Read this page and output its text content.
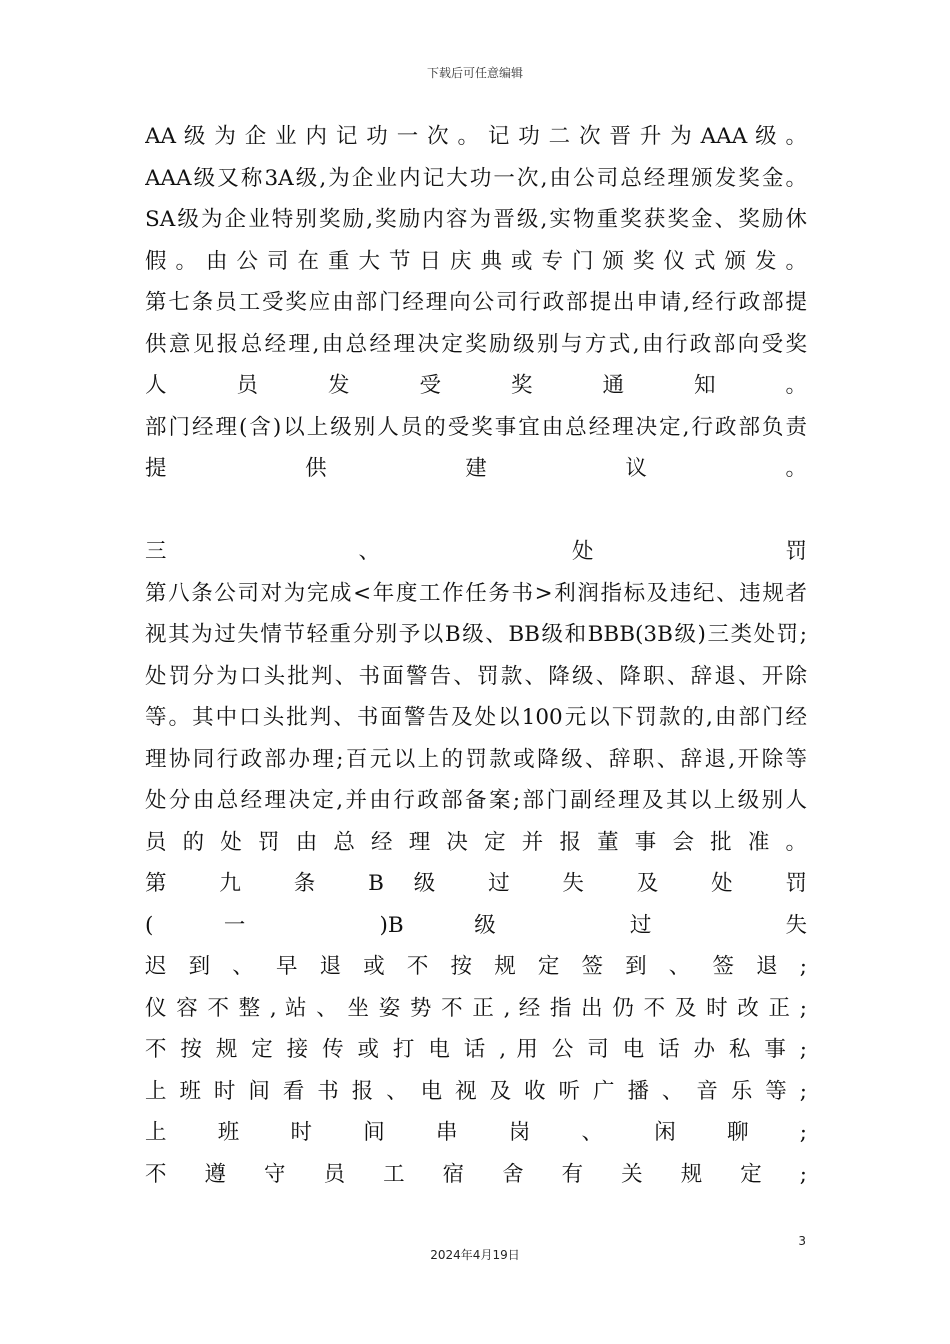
下载后可任意编辑
AA 级 为 企 业 内 记 功 一 次 。 记 功 二 次 晋 升 为 AAA 级 。
AAA级又称3A级,为企业内记大功一次,由公司总经理颁发奖金。
SA级为企业特别奖励,奖励内容为晋级,实物重奖获奖金、奖励休
假 。 由 公 司 在 重 大 节 日 庆 典 或 专 门 颁 奖 仪 式 颁 发 。
第七条员工受奖应由部门经理向公司行政部提出申请,经行政部提
供意见报总经理,由总经理决定奖励级别与方式,由行政部向受奖
人 员 发 受 奖 通 知 。
部门经理(含)以上级别人员的受奖事宜由总经理决定,行政部负责
提 供 建 议 。
三 、 处 罚
第八条公司对为完成<年度工作任务书>利润指标及违纪、违规者
视其为过失情节轻重分别予以B级、BB级和BBB(3B级)三类处罚;
处罚分为口头批判、书面警告、罚款、降级、降职、辞退、开除
等。其中口头批判、书面警告及处以100元以下罚款的,由部门经
理协同行政部办理;百元以上的罚款或降级、辞职、辞退,开除等
处分由总经理决定,并由行政部备案;部门副经理及其以上级别人
员 的 处 罚 由 总 经 理 决 定 并 报 董 事 会 批 准 。
第 九 条 B 级 过 失 及 处 罚
( 一 )B 级 过 失
迟 到 、 早 退 或 不 按 规 定 签 到 、 签 退 ;
仪 容 不 整 , 站 、 坐 姿 势 不 正 , 经 指 出 仍 不 及 时 改 正 ;
不 按 规 定 接 传 或 打 电 话 , 用 公 司 电 话 办 私 事 ;
上 班 时 间 看 书 报 、 电 视 及 收 听 广 播 、 音 乐 等 ;
上 班 时 间 串 岗 、 闲 聊 ;
不 遵 守 员 工 宿 舍 有 关 规 定 ;
3
2024年4月19日
